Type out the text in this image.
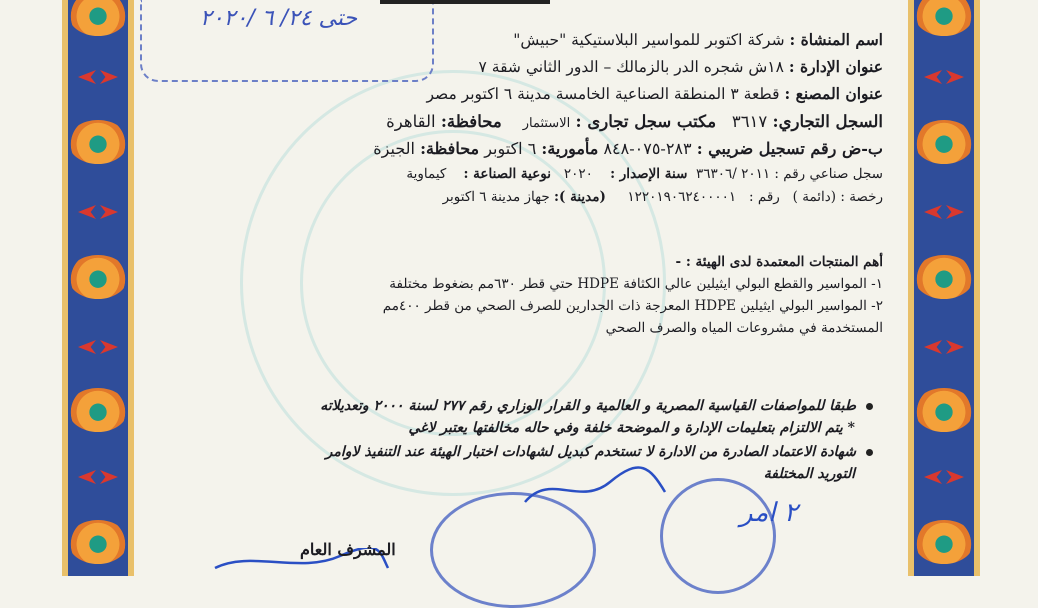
حتى ٢٤/ ٦ /٢٠٢٠
اسم المنشاة : شركة اكتوبر للمواسير البلاستيكية "حبيش"
عنوان الإدارة : ١٨ش شجره الدر بالزمالك – الدور الثاني شقة ٧
عنوان المصنع : قطعة ٣ المنطقة الصناعية الخامسة مدينة ٦ اكتوبر مصر
السجل التجاري: ٣٦١٧   مكتب سجل تجارى : الاستثمار    محافظة: القاهرة
ب-ض رقم تسجيل ضريبي : ٢٨٣-٠٧٥-٨٤٨ مأمورية: ٦ اكتوبر محافظة: الجيزة
سجل صناعي رقم : ٢٠١١ /٣٦٣٠٦  سنة الإصدار :    ٢٠٢٠   نوعية الصناعة :    كيماوية
رخصة : (دائمة )   رقم :   ١٢٢٠١٩٠٦٢٤٠٠٠٠١     (مدينة ): جهاز مدينة ٦ اكتوبر
أهم المنتجات المعتمدة لدى الهيئة : -
١- المواسير والقطع البولي ايثيلين عالي الكثافة HDPE حتي قطر ٦٣٠مم بضغوط مختلفة
٢- المواسير البولي ايثيلين HDPE المعرجة ذات الجدارين للصرف الصحي من قطر ٤٠٠مم
المستخدمة في مشروعات المياه والصرف الصحي
طبقا للمواصفات القياسية المصرية و العالمية و القرار الوزاري رقم ٢٧٧ لسنة ٢٠٠٠ وتعديلاته
* يتم الالتزام بتعليمات الإدارة و الموضحة خلفة وفي حاله مخالفتها يعتبر لاغي
شهادة الاعتماد الصادرة من الادارة لا تستخدم كبديل لشهادات اختبار الهيئة عند التنفيذ لاوامر
التوريد المختلفة
٢ امر
المشرف العام
